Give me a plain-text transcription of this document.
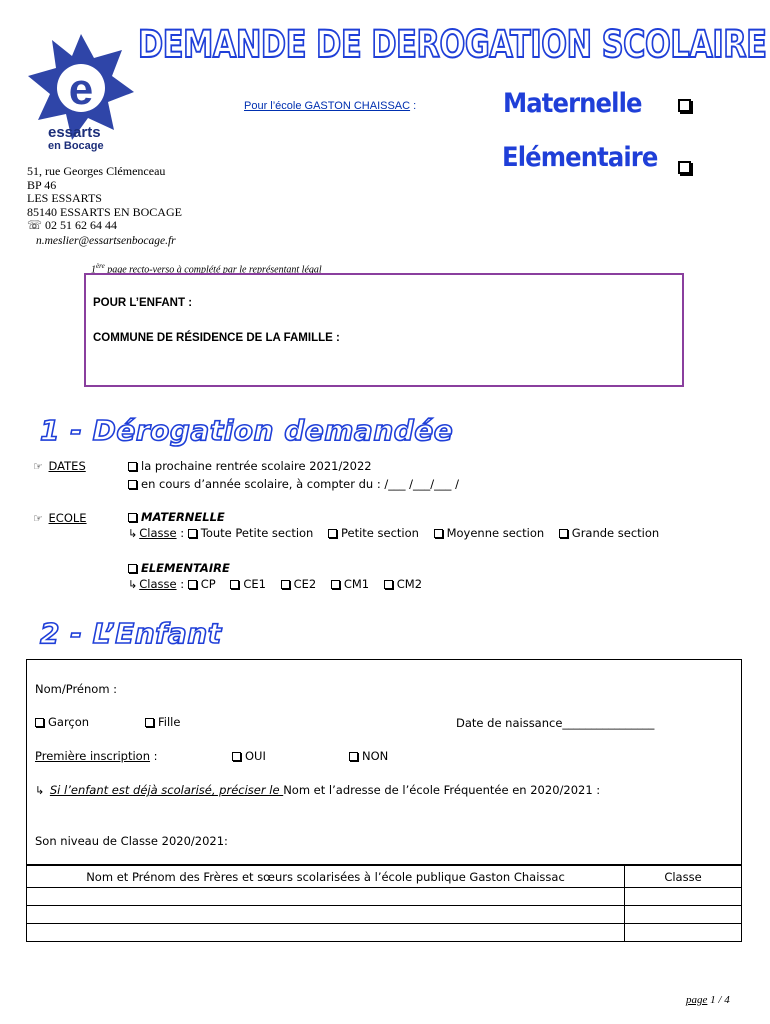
DEMANDE DE DEROGATION SCOLAIRE
e
essarts
en Bocage
Pour l’école GASTON CHAISSAC :	Maternelle
Elémentaire
51, rue Georges Clémenceau
BP 46
LES ESSARTS
85140 ESSARTS EN BOCAGE
☏ 02 51 62 64 44
n.meslier@essartsenbocage.fr
1ère page recto-verso à complété par le représentant légal
POUR L’ENFANT :
COMMUNE DE RÉSIDENCE DE LA FAMILLE :
1 - Dérogation demandée
☞ DATES	la prochaine rentrée scolaire 2021/2022
en cours d’année scolaire, à compter du : /___ /___/___ /
☞ ECOLE	MATERNELLE
↳ Classe : Toute Petite section Petite section Moyenne section Grande section
ELEMENTAIRE
↳ Classe : CP CE1 CE2 CM1 CM2
2 - L’Enfant
Nom/Prénom :
Garçon	Fille	Date de naissance________________
Première inscription :	OUI	NON
↳ Si l’enfant est déjà scolarisé, préciser le Nom et l’adresse de l’école Fréquentée en 2020/2021 :
Son niveau de Classe 2020/2021:
Nom et Prénom des Frères et sœurs scolarisées à l’école publique Gaston Chaissac	Classe

page 1 / 4
